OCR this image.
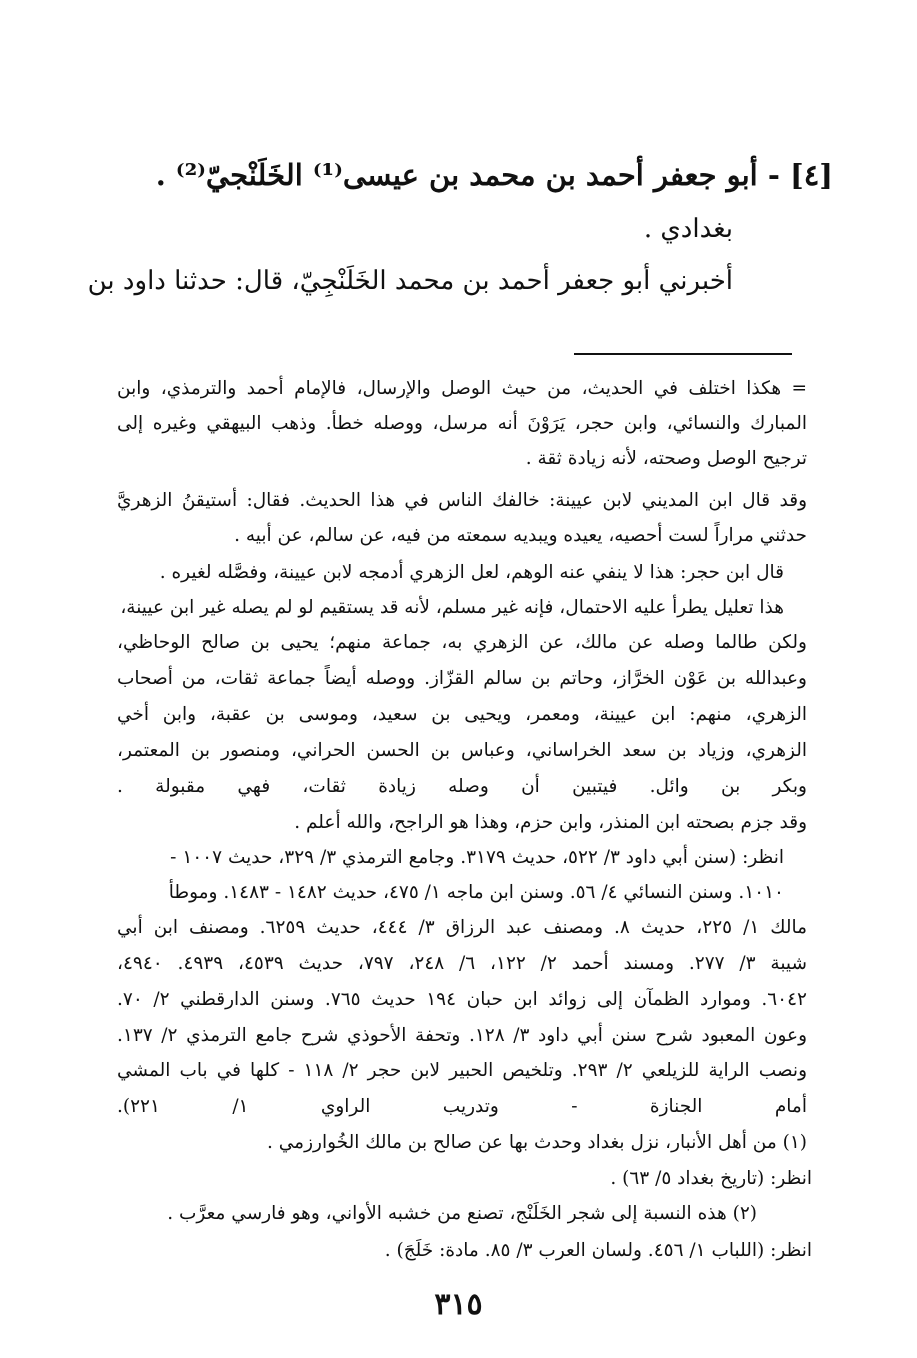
[٤] - أبو جعفر أحمد بن محمد بن عيسى⁽¹⁾ الخَلَنْجيّ⁽²⁾ .
بغدادي .
أخبرني أبو جعفر أحمد بن محمد الخَلَنْجِيّ، قال: حدثنا داود بن
= هكذا اختلف في الحديث، من حيث الوصل والإرسال، فالإمام أحمد والترمذي، وابن
المبارك والنسائي، وابن حجر، يَرَوْنَ أنه مرسل، ووصله خطأ. وذهب البيهقي وغيره إلى
ترجيح الوصل وصحته، لأنه زيادة ثقة .
وقد قال ابن المديني لابن عيينة: خالفك الناس في هذا الحديث. فقال: أستيقنُ الزهريَّ
حدثني مراراً لست أحصيه، يعيده ويبديه سمعته من فيه، عن سالم، عن أبيه .
قال ابن حجر: هذا لا ينفي عنه الوهم، لعل الزهري أدمجه لابن عيينة، وفصَّله لغيره .
هذا تعليل يطرأ عليه الاحتمال، فإنه غير مسلم، لأنه قد يستقيم لو لم يصله غير ابن عيينة،
ولكن طالما وصله عن مالك، عن الزهري به، جماعة منهم؛ يحيى بن صالح الوحاظي،
وعبدالله بن عَوْن الخرَّاز، وحاتم بن سالم القزّاز. ووصله أيضاً جماعة ثقات، من أصحاب
الزهري، منهم: ابن عيينة، ومعمر، ويحيى بن سعيد، وموسى بن عقبة، وابن أخي
الزهري، وزياد بن سعد الخراساني، وعباس بن الحسن الحراني، ومنصور بن المعتمر،
وبكر بن وائل. فيتبين أن وصله زيادة ثقات، فهي مقبولة .
وقد جزم بصحته ابن المنذر، وابن حزم، وهذا هو الراجح، والله أعلم .
انظر: (سنن أبي داود ٣/ ٥٢٢، حديث ٣١٧٩. وجامع الترمذي ٣/ ٣٢٩، حديث ١٠٠٧ -
١٠١٠. وسنن النسائي ٤/ ٥٦. وسنن ابن ماجه ١/ ٤٧٥، حديث ١٤٨٢ - ١٤٨٣. وموطأ
مالك ١/ ٢٢٥، حديث ٨. ومصنف عبد الرزاق ٣/ ٤٤٤، حديث ٦٢٥٩. ومصنف ابن أبي
شيبة ٣/ ٢٧٧. ومسند أحمد ٢/ ١٢٢، ٦/ ٢٤٨، ٧٩٧، حديث ٤٥٣٩، ٤٩٣٩. ٤٩٤٠،
٦٠٤٢. وموارد الظمآن إلى زوائد ابن حبان ١٩٤ حديث ٧٦٥. وسنن الدارقطني ٢/ ٧٠.
وعون المعبود شرح سنن أبي داود ٣/ ١٢٨. وتحفة الأحوذي شرح جامع الترمذي ٢/ ١٣٧.
ونصب الراية للزيلعي ٢/ ٢٩٣. وتلخيص الحبير لابن حجر ٢/ ١١٨ - كلها في باب المشي
أمام الجنازة - وتدريب الراوي ١/ ٢٢١).
(١) من أهل الأنبار، نزل بغداد وحدث بها عن صالح بن مالك الخُوارزمي .
انظر: (تاريخ بغداد ٥/ ٦٣) .
(٢) هذه النسبة إلى شجر الخَلَنْج، تصنع من خشبه الأواني، وهو فارسي معرَّب .
انظر: (اللباب ١/ ٤٥٦. ولسان العرب ٣/ ٨٥. مادة: خَلَجَ) .
٣١٥
